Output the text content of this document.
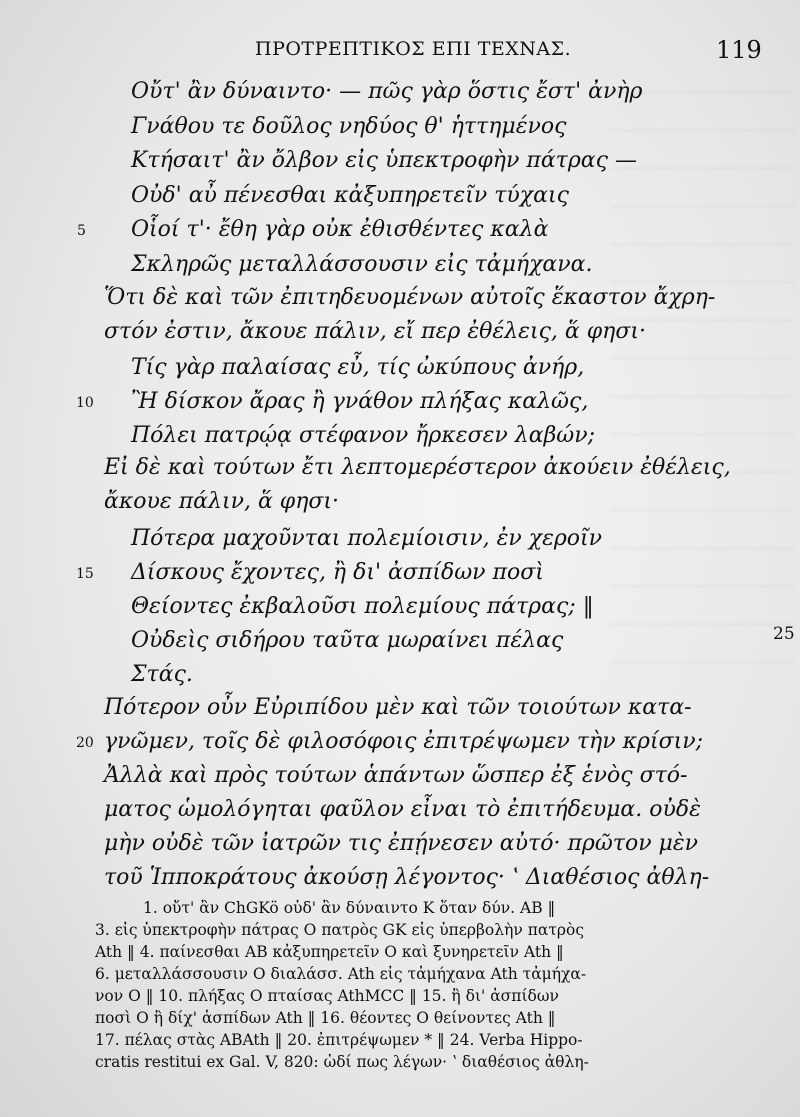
ΠΡΟΤΡΕΠΤΙΚΟΣ ΕΠΙ ΤΕΧΝΑΣ.	119
Οὔτ' ἂν δύναιντο· — πῶς γὰρ ὅστις ἔστ' ἀνὴρ
Γνάθου τε δοῦλος νηδύος θ' ἡττημένος
Κτήσαιτ' ἂν ὄλβον εἰς ὑπεκτροφὴν πάτρας —
Οὐδ' αὖ πένεσθαι κἀξυπηρετεῖν τύχαις
Οἷοί τ'· ἔθη γὰρ οὐκ ἐθισθέντες καλὰ
Σκληρῶς μεταλλάσσουσιν εἰς τἀμήχανα.
Ὅτι δὲ καὶ τῶν ἐπιτηδευομένων αὐτοῖς ἕκαστον ἄχρη-
στόν ἐστιν, ἄκουε πάλιν, εἴ περ ἐθέλεις, ἅ φησι·
Τίς γὰρ παλαίσας εὖ, τίς ὠκύπους ἀνήρ,
Ἢ δίσκον ἄρας ἢ γνάθον πλήξας καλῶς,
Πόλει πατρῴᾳ στέφανον ἤρκεσεν λαβών;
Εἰ δὲ καὶ τούτων ἔτι λεπτομερέστερον ἀκούειν ἐθέλεις,
ἄκουε πάλιν, ἅ φησι·
Πότερα μαχοῦνται πολεμίοισιν, ἐν χεροῖν
Δίσκους ἔχοντες, ἢ δι' ἀσπίδων ποσὶ
Θείοντες ἐκβαλοῦσι πολεμίους πάτρας; ‖
Οὐδεὶς σιδήρου ταῦτα μωραίνει πέλας
Στάς.
Πότερον οὖν Εὐριπίδου μὲν καὶ τῶν τοιούτων κατα-
γνῶμεν, τοῖς δὲ φιλοσόφοις ἐπιτρέψωμεν τὴν κρίσιν;
Ἀλλὰ καὶ πρὸς τούτων ἁπάντων ὥσπερ ἐξ ἑνὸς στό-
ματος ὡμολόγηται φαῦλον εἶναι τὸ ἐπιτήδευμα. οὐδὲ
μὴν οὐδὲ τῶν ἰατρῶν τις ἐπῄνεσεν αὐτό· πρῶτον μὲν
τοῦ Ἱπποκράτους ἀκούσῃ λέγοντος· ʽ Διαθέσιος ἀθλη-
5
10
15
20
25
1. οὔτ' ἂν ChGKö οὐδ' ἂν δύναιντο K ὅταν δύν. AB ‖
3. εἰς ὑπεκτροφὴν πάτρας O πατρὸς GK εἰς ὑπερβολὴν πατρὸς
Ath ‖ 4. παίνεσθαι AB κἀξυπηρετεῖν O καὶ ξυνηρετεῖν Ath ‖
6. μεταλλάσσουσιν O διαλάσσ. Ath εἰς τἀμήχανα Ath τἀμήχα-
νον O ‖ 10. πλήξας O πταίσας AthMCC ‖ 15. ἢ δι' ἀσπίδων
ποσὶ O ἢ δίχ' ἀσπίδων Ath ‖ 16. θέοντες O θείνοντες Ath ‖
17. πέλας στὰς ABAth ‖ 20. ἐπιτρέψωμεν * ‖ 24. Verba Hippo-
cratis restitui ex Gal. V, 820: ὡδί πως λέγων· ʽ διαθέσιος ἀθλη-
